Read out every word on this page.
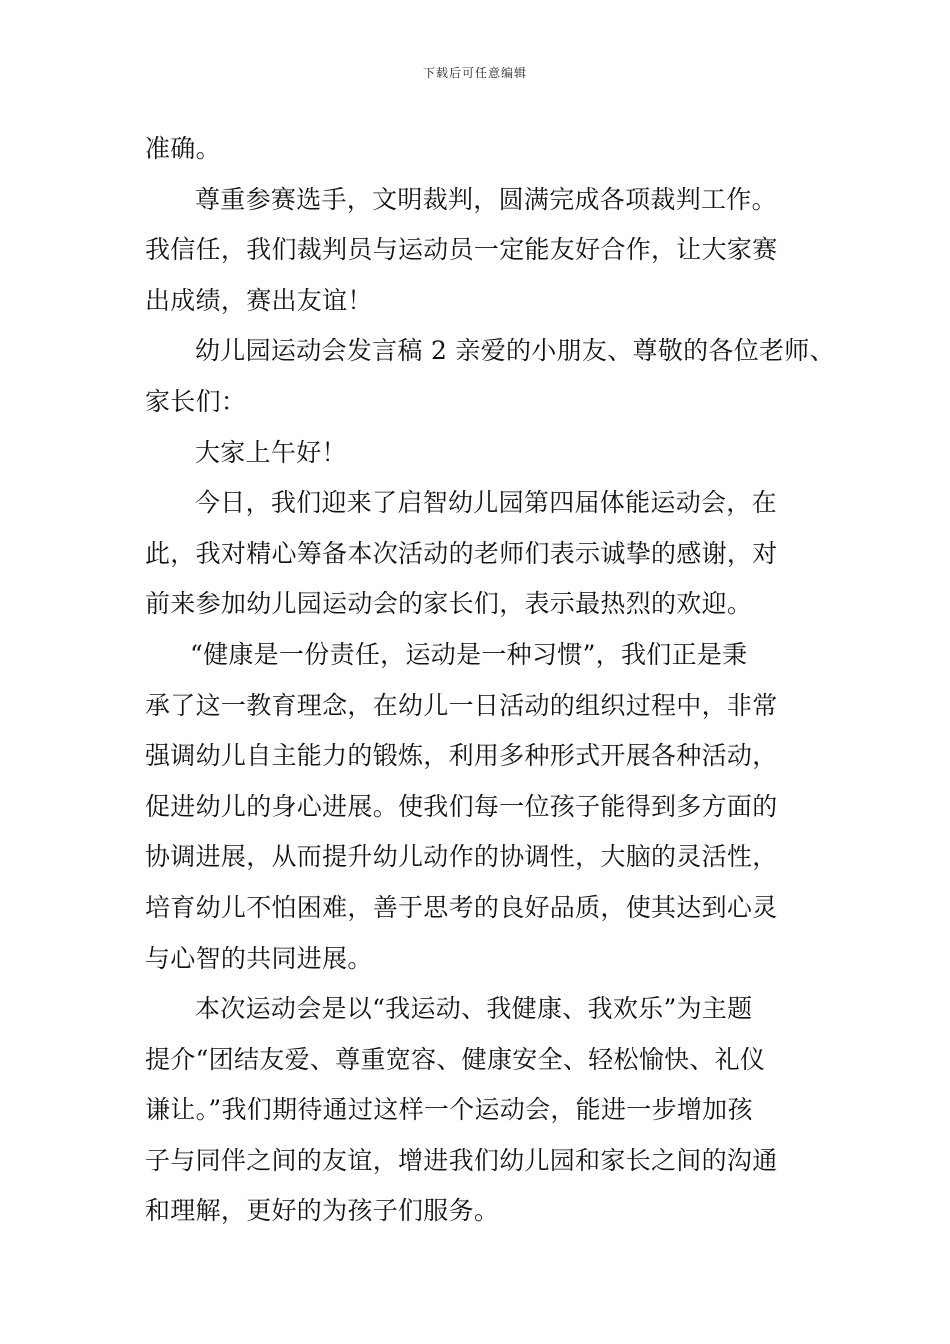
下载后可任意编辑
准确。
尊重参赛选手，文明裁判，圆满完成各项裁判工作。
我信任，我们裁判员与运动员一定能友好合作，让大家赛
出成绩，赛出友谊！
幼儿园运动会发言稿 2 亲爱的小朋友、尊敬的各位老师、
家长们：
大家上午好！
今日，我们迎来了启智幼儿园第四届体能运动会，在
此，我对精心筹备本次活动的老师们表示诚挚的感谢，对
前来参加幼儿园运动会的家长们，表示最热烈的欢迎。
“健康是一份责任，运动是一种习惯”，我们正是秉
承了这一教育理念，在幼儿一日活动的组织过程中，非常
强调幼儿自主能力的锻炼，利用多种形式开展各种活动，
促进幼儿的身心进展。使我们每一位孩子能得到多方面的
协调进展，从而提升幼儿动作的协调性，大脑的灵活性，
培育幼儿不怕困难，善于思考的良好品质，使其达到心灵
与心智的共同进展。
本次运动会是以“我运动、我健康、我欢乐”为主题
提介“团结友爱、尊重宽容、健康安全、轻松愉快、礼仪
谦让。”我们期待通过这样一个运动会，能进一步增加孩
子与同伴之间的友谊，增进我们幼儿园和家长之间的沟通
和理解，更好的为孩子们服务。
